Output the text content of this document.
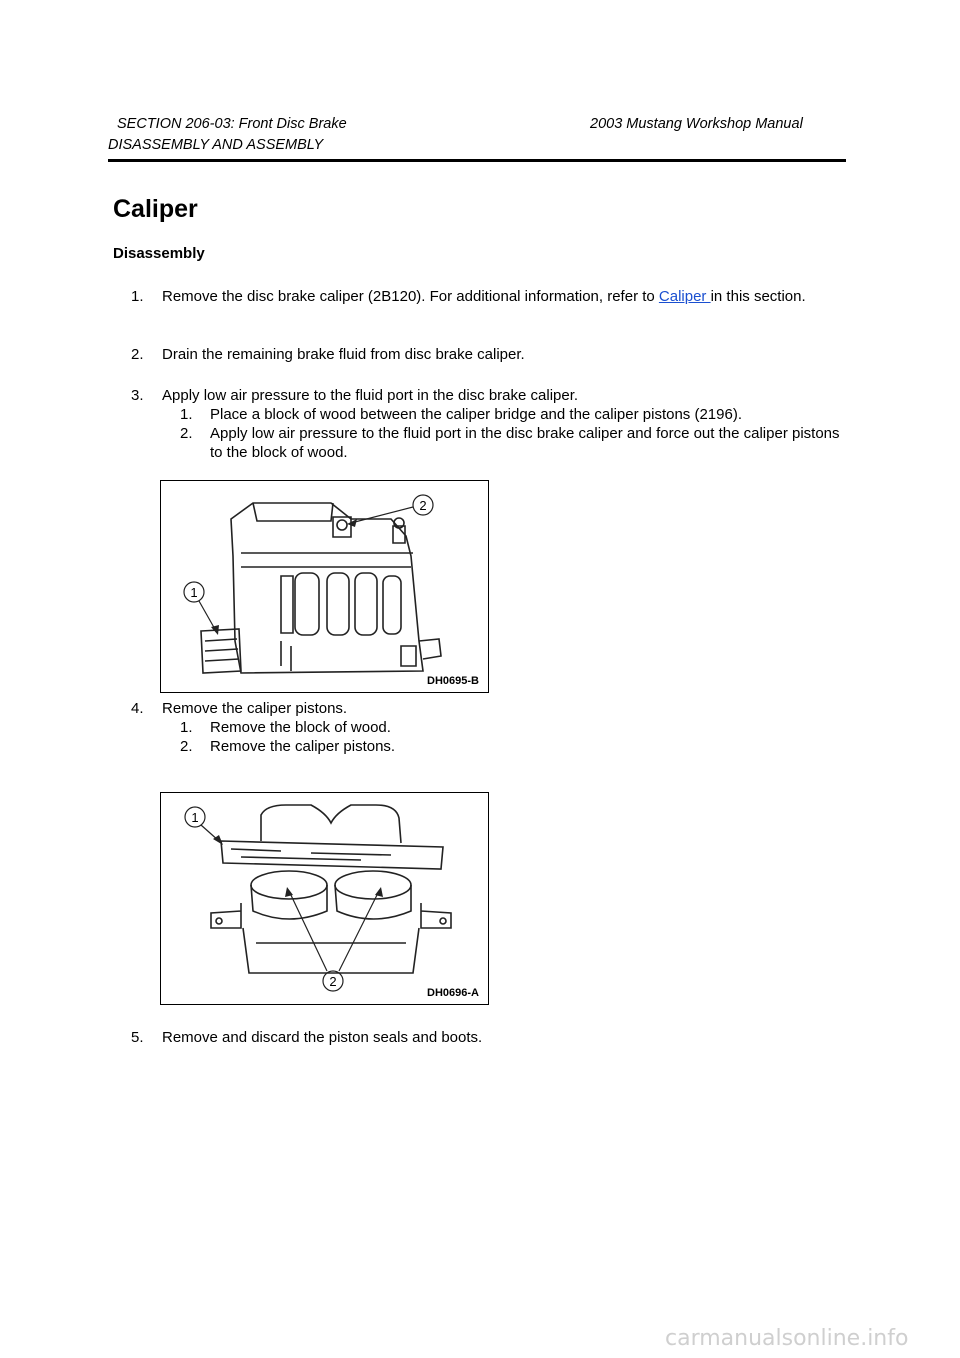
SECTION 206-03: Front Disc Brake	2003 Mustang Workshop Manual
DISASSEMBLY AND ASSEMBLY
Caliper
Disassembly
1. Remove the disc brake caliper (2B120). For additional information, refer to Caliper in this section.
2. Drain the remaining brake fluid from disc brake caliper.
3. Apply low air pressure to the fluid port in the disc brake caliper.
1. Place a block of wood between the caliper bridge and the caliper pistons (2196).
2. Apply low air pressure to the fluid port in the disc brake caliper and force out the caliper pistons to the block of wood.
2
1
DH0695-B
4. Remove the caliper pistons.
1. Remove the block of wood.
2. Remove the caliper pistons.
1
2
DH0696-A
5. Remove and discard the piston seals and boots.
carmanualsonline.info
